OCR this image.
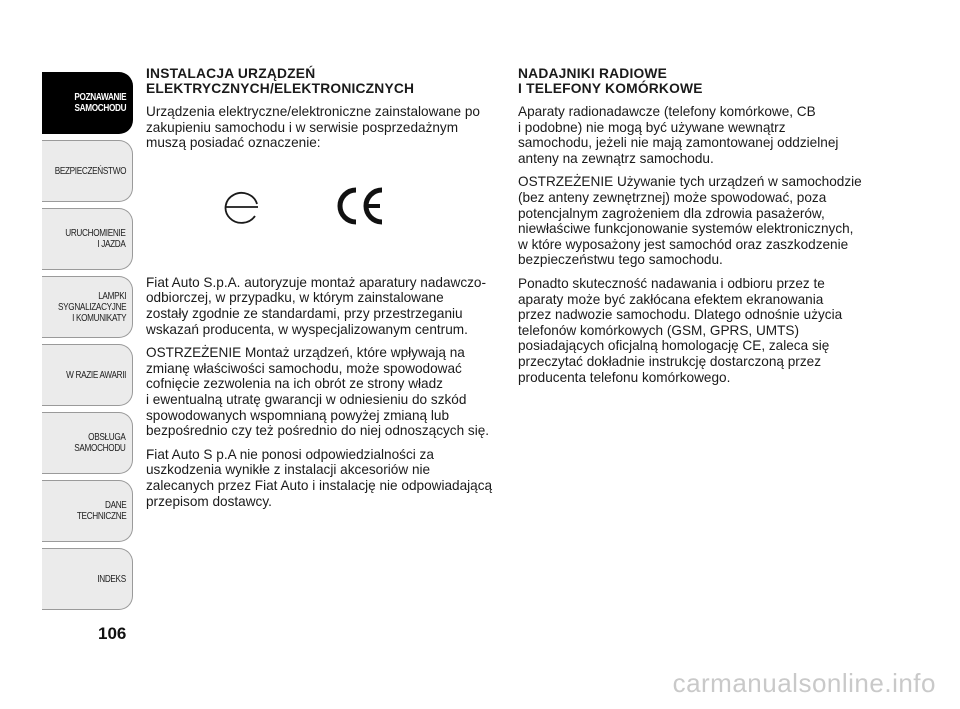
POZNAWANIE
SAMOCHODU
BEZPIECZEŃSTWO
URUCHOMIENIE
I JAZDA
LAMPKI
SYGNALIZACYJNE
I KOMUNIKATY
W RAZIE AWARII
OBSŁUGA
SAMOCHODU
DANE
TECHNICZNE
INDEKS
106
INSTALACJA URZĄDZEŃ
ELEKTRYCZNYCH/ELEKTRONICZNYCH

Urządzenia elektryczne/elektroniczne zainstalowane po
zakupieniu samochodu i w serwisie posprzedażnym
muszą posiadać oznaczenie:

Fiat Auto S.p.A. autoryzuje montaż aparatury nadawczo-
odbiorczej, w przypadku, w którym zainstalowane
zostały zgodnie ze standardami, przy przestrzeganiu
wskazań producenta, w wyspecjalizowanym centrum.

OSTRZEŻENIE Montaż urządzeń, które wpływają na
zmianę właściwości samochodu, może spowodować
cofnięcie zezwolenia na ich obrót ze strony władz
i ewentualną utratę gwarancji w odniesieniu do szkód
spowodowanych wspomnianą powyżej zmianą lub
bezpośrednio czy też pośrednio do niej odnoszących się.

Fiat Auto S p.A nie ponosi odpowiedzialności za
uszkodzenia wynikłe z instalacji akcesoriów nie
zalecanych przez Fiat Auto i instalację nie odpowiadającą
przepisom dostawcy.

NADAJNIKI RADIOWE
I TELEFONY KOMÓRKOWE

Aparaty radionadawcze (telefony komórkowe, CB
i podobne) nie mogą być używane wewnątrz
samochodu, jeżeli nie mają zamontowanej oddzielnej
anteny na zewnątrz samochodu.

OSTRZEŻENIE Używanie tych urządzeń w samochodzie
(bez anteny zewnętrznej) może spowodować, poza
potencjalnym zagrożeniem dla zdrowia pasażerów,
niewłaściwe funkcjonowanie systemów elektronicznych,
w które wyposażony jest samochód oraz zaszkodzenie
bezpieczeństwu tego samochodu.

Ponadto skuteczność nadawania i odbioru przez te
aparaty może być zakłócana efektem ekranowania
przez nadwozie samochodu. Dlatego odnośnie użycia
telefonów komórkowych (GSM, GPRS, UMTS)
posiadających oficjalną homologację CE, zaleca się
przeczytać dokładnie instrukcję dostarczoną przez
producenta telefonu komórkowego.

carmanualsonline.info
